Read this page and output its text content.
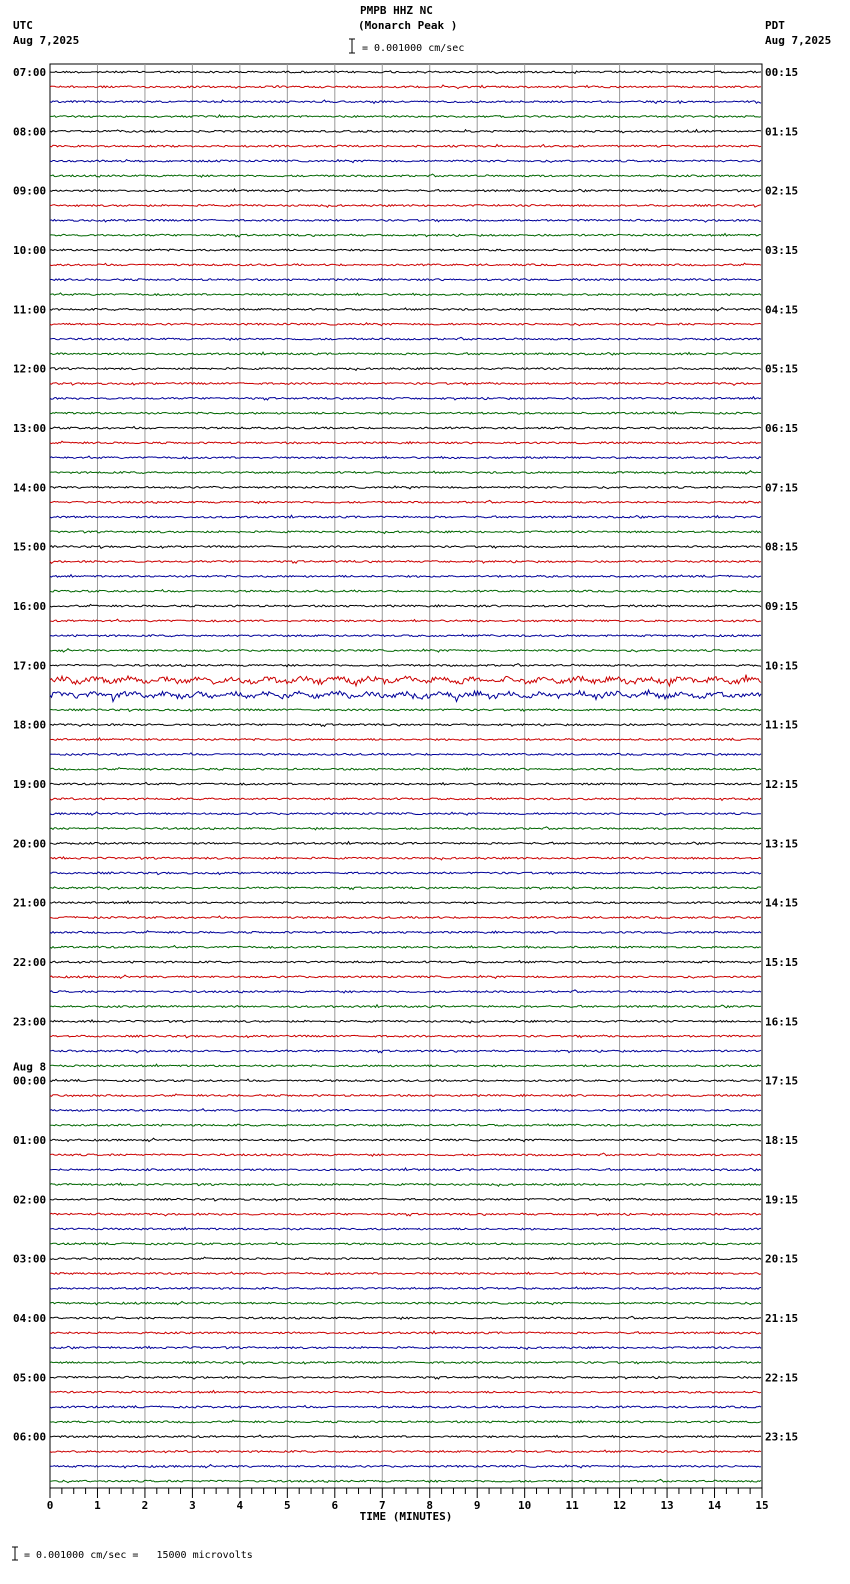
PMPB HHZ NC
(Monarch Peak )
= 0.001000 cm/sec
UTC
Aug 7,2025
PDT
Aug 7,2025
0	1	2	3	4	5	6	7	8	9	10	11	12	13	14	15
TIME (MINUTES)
07:00	00:15
08:00	01:15
09:00	02:15
10:00	03:15
11:00	04:15
12:00	05:15
13:00	06:15
14:00	07:15
15:00	08:15
16:00	09:15
17:00	10:15
18:00	11:15
19:00	12:15
20:00	13:15
21:00	14:15
22:00	15:15
23:00	16:15
00:00	17:15
01:00	18:15
02:00	19:15
03:00	20:15
04:00	21:15
05:00	22:15
06:00	23:15
Aug 8
= 0.001000 cm/sec =   15000 microvolts
